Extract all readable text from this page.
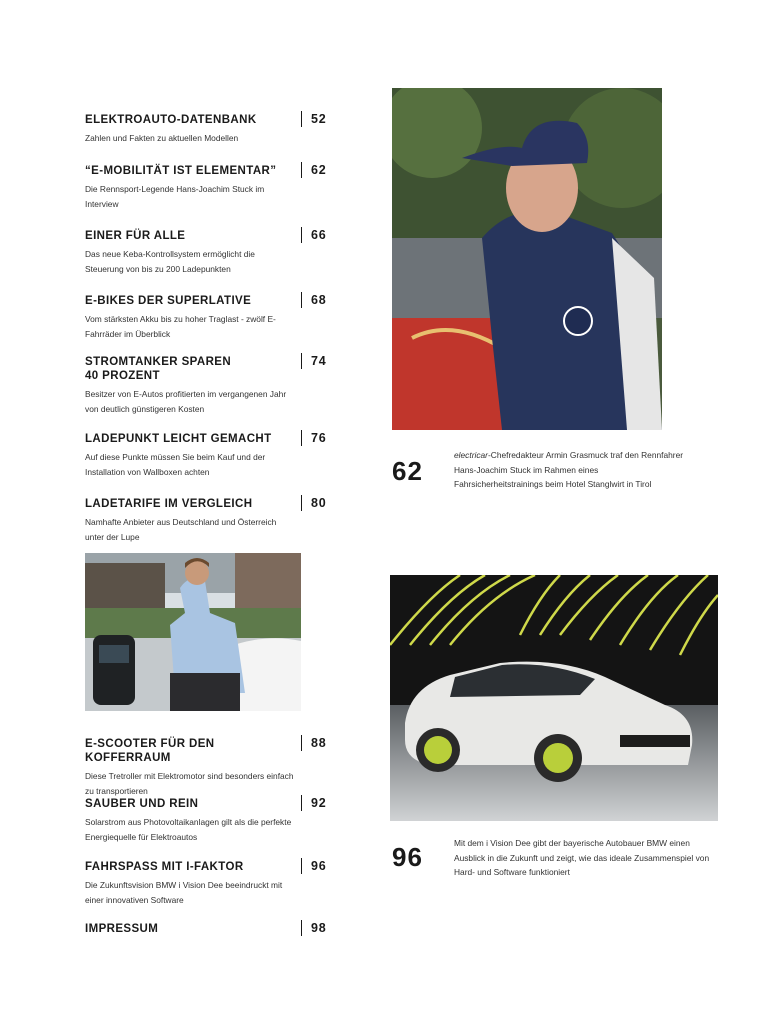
ELEKTROAUTO-DATENBANK
Zahlen und Fakten zu aktuellen Modellen
52
“E-MOBILITÄT IST ELEMENTAR”
Die Rennsport-Legende Hans-Joachim Stuck im Interview
62
EINER FÜR ALLE
Das neue Keba-Kontrollsystem ermöglicht die Steuerung von bis zu 200 Ladepunkten
66
E-BIKES DER SUPERLATIVE
Vom stärksten Akku bis zu hoher Traglast - zwölf E-Fahrräder im Überblick
68
STROMTANKER SPAREN 40 PROZENT
Besitzer von E-Autos profitierten im vergangenen Jahr von deutlich günstigeren Kosten
74
LADEPUNKT LEICHT GEMACHT
Auf diese Punkte müssen Sie beim Kauf und der Installation von Wallboxen achten
76
LADETARIFE IM VERGLEICH
Namhafte Anbieter aus Deutschland und Österreich unter der Lupe
80
E-SCOOTER FÜR DEN KOFFERRAUM
Diese Tretroller mit Elektromotor sind besonders einfach zu transportieren
88
SAUBER UND REIN
Solarstrom aus Photovoltaikanlagen gilt als die perfekte Energiequelle für Elektroautos
92
FAHRSPASS MIT I-FAKTOR
Die Zukunftsvision BMW i Vision Dee beeindruckt mit einer innovativen Software
96
IMPRESSUM	98
62
electricar-Chefredakteur Armin Grasmuck traf den Rennfahrer Hans-Joachim Stuck im Rahmen eines Fahrsicherheitstrainings beim Hotel Stanglwirt in Tirol
96	Mit dem i Vision Dee gibt der bayerische Autobauer BMW einen Ausblick in die Zukunft und zeigt, wie das ideale Zusammenspiel von Hard- und Software funktioniert
